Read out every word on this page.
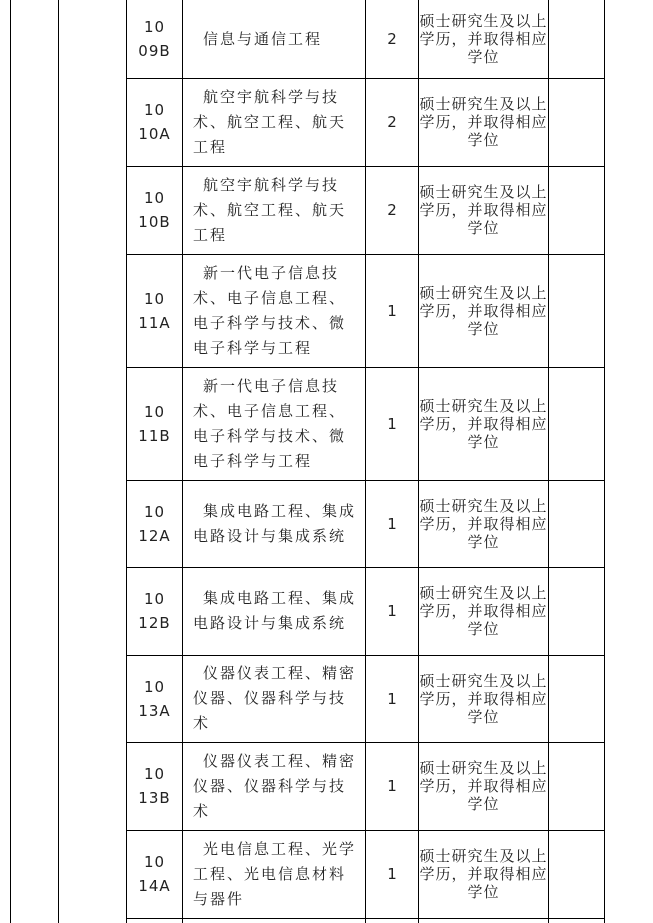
10
09B
信息与通信工程	2
硕士研究生及以上学历，并取得相应学位
10
10A
航空宇航科学与技术、航空工程、航天工程
2
硕士研究生及以上学历，并取得相应学位
10
10B
航空宇航科学与技术、航空工程、航天工程
2
硕士研究生及以上学历，并取得相应学位
10
11A
新一代电子信息技术、电子信息工程、电子科学与技术、微电子科学与工程
1
硕士研究生及以上学历，并取得相应学位
10
11B
新一代电子信息技术、电子信息工程、电子科学与技术、微电子科学与工程
1
硕士研究生及以上学历，并取得相应学位
10
12A
集成电路工程、集成电路设计与集成系统
1
硕士研究生及以上学历，并取得相应学位
10
12B
集成电路工程、集成电路设计与集成系统
1
硕士研究生及以上学历，并取得相应学位
10
13A
仪器仪表工程、精密仪器、仪器科学与技术
1
硕士研究生及以上学历，并取得相应学位
10
13B
仪器仪表工程、精密仪器、仪器科学与技术
1
硕士研究生及以上学历，并取得相应学位
10
14A
光电信息工程、光学工程、光电信息材料与器件
1
硕士研究生及以上学历，并取得相应学位
